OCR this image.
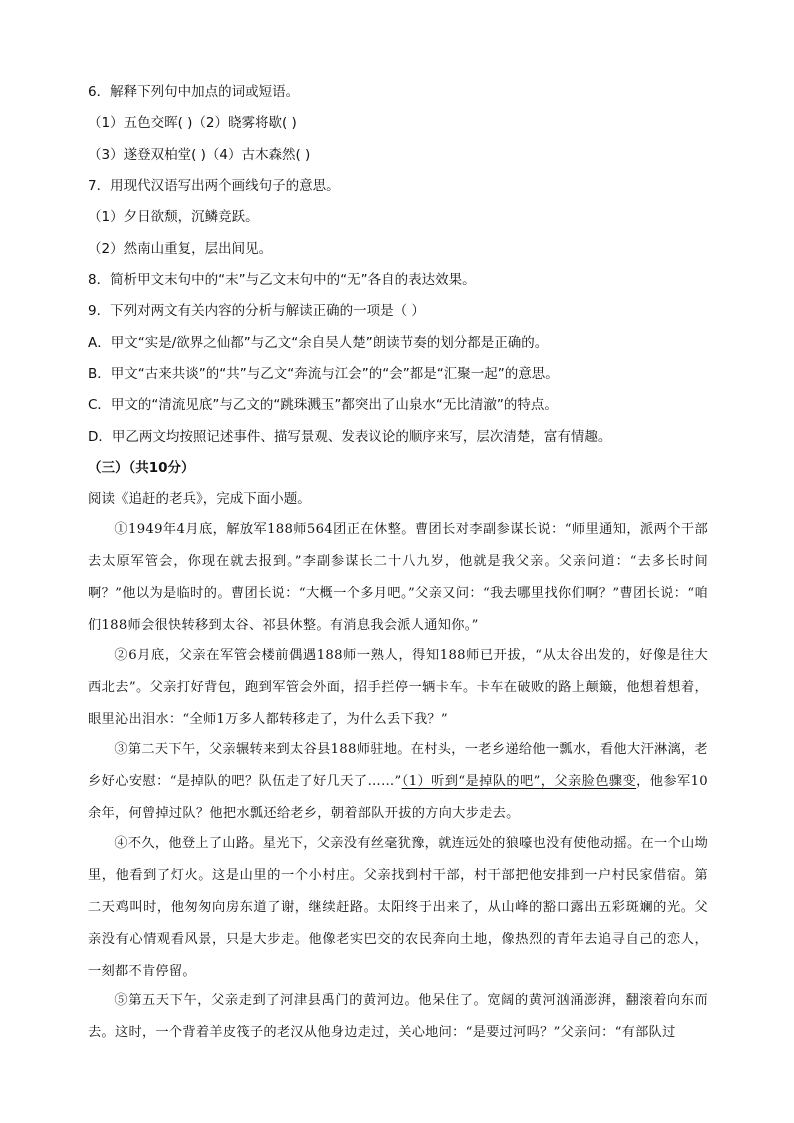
6．解释下列句中加点的词或短语。
（1）五色交晖( )（2）晓雾将歇( )
（3）遂登双柏堂( )（4）古木森然( )
7．用现代汉语写出两个画线句子的意思。
（1）夕日欲颓，沉鳞竞跃。
（2）然南山重复，层出间见。
8．简析甲文末句中的“末”与乙文末句中的“无”各自的表达效果。
9．下列对两文有关内容的分析与解读正确的一项是（ ）
A．甲文“实是/欲界之仙都”与乙文“余自吴人楚”朗读节奏的划分都是正确的。
B．甲文“古来共谈”的“共”与乙文“奔流与江会”的“会”都是“汇聚一起”的意思。
C．甲文的“清流见底”与乙文的“跳珠溅玉”都突出了山泉水“无比清澈”的特点。
D．甲乙两文均按照记述事件、描写景观、发表议论的顺序来写，层次清楚，富有情趣。
（三）（共10分）
阅读《追赶的老兵》，完成下面小题。
①1949年4月底，解放军188师564团正在休整。曹团长对李副参谋长说：“师里通知，派两个干部去太原军管会，你现在就去报到。”李副参谋长二十八九岁，他就是我父亲。父亲问道：“去多长时间啊？”他以为是临时的。曹团长说：“大概一个多月吧。”父亲又问：“我去哪里找你们啊？”曹团长说：“咱们188师会很快转移到太谷、祁县休整。有消息我会派人通知你。”
②6月底，父亲在军管会楼前偶遇188师一熟人，得知188师已开拔，“从太谷出发的，好像是往大西北去”。父亲打好背包，跑到军管会外面，招手拦停一辆卡车。卡车在破败的路上颠簸，他想着想着，眼里沁出泪水：“全师1万多人都转移走了，为什么丢下我？”
③第二天下午，父亲辗转来到太谷县188师驻地。在村头，一老乡递给他一瓢水，看他大汗淋漓，老乡好心安慰：“是掉队的吧？队伍走了好几天了……”（1）听到“是掉队的吧”，父亲脸色骤变，他参军10余年，何曾掉过队？他把水瓢还给老乡，朝着部队开拔的方向大步走去。
④不久，他登上了山路。星光下，父亲没有丝毫犹豫，就连远处的狼嚎也没有使他动摇。在一个山坳里，他看到了灯火。这是山里的一个小村庄。父亲找到村干部，村干部把他安排到一户村民家借宿。第二天鸡叫时，他匆匆向房东道了谢，继续赶路。太阳终于出来了，从山峰的豁口露出五彩斑斓的光。父亲没有心情观看风景，只是大步走。他像老实巴交的农民奔向土地，像热烈的青年去追寻自己的恋人，一刻都不肯停留。
⑤第五天下午，父亲走到了河津县禹门的黄河边。他呆住了。宽阔的黄河汹涌澎湃，翻滚着向东而去。这时，一个背着羊皮筏子的老汉从他身边走过，关心地问：“是要过河吗？”父亲问：“有部队过
